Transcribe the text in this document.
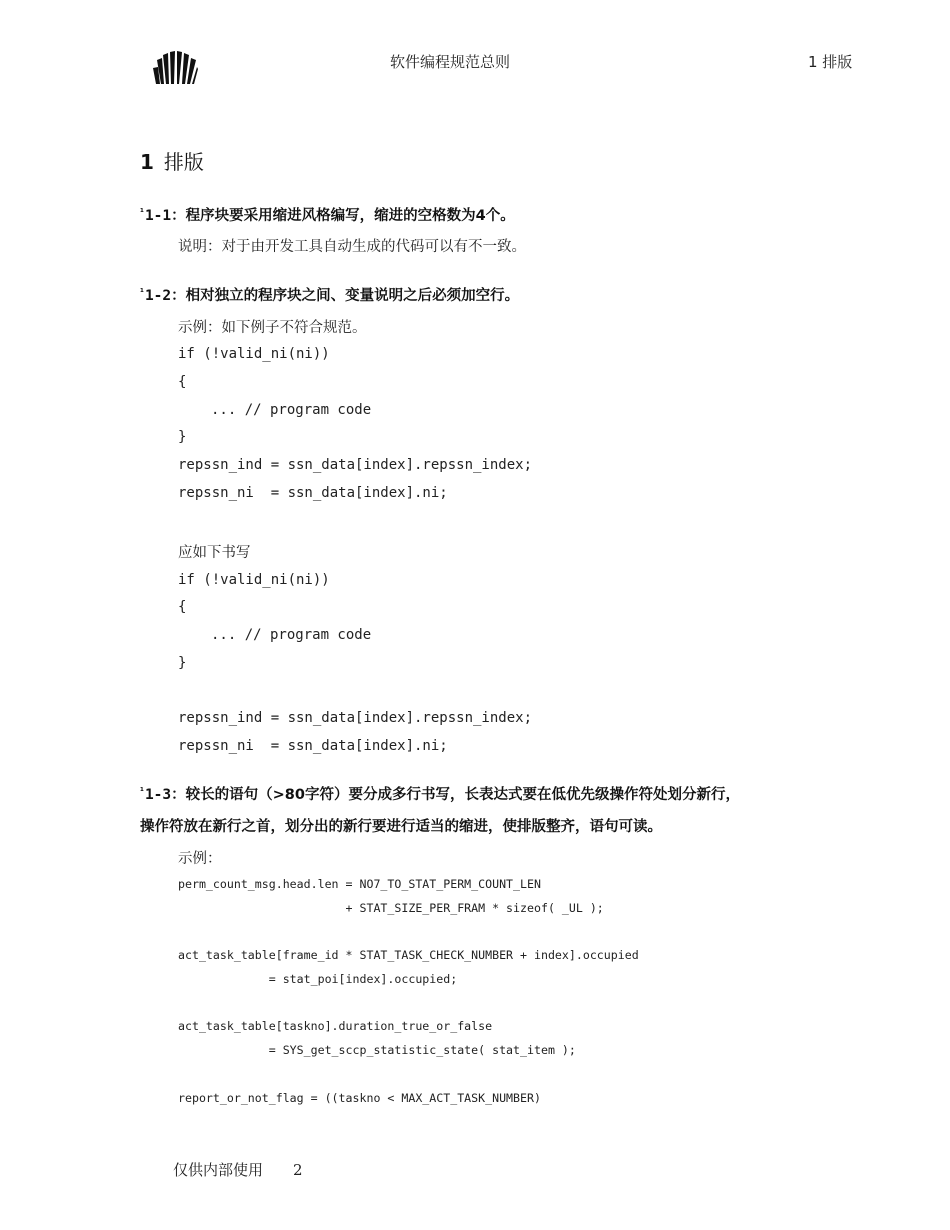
软件编程规范总则	1 排版
1 排版
$^{^1}$1-1：程序块要采用缩进风格编写，缩进的空格数为4个。
说明：对于由开发工具自动生成的代码可以有不一致。
$^{^1}$1-2：相对独立的程序块之间、变量说明之后必须加空行。
示例：如下例子不符合规范。
if (!valid_ni(ni))
{
... // program code
}
repssn_ind = ssn_data[index].repssn_index;
repssn_ni  = ssn_data[index].ni;
应如下书写
if (!valid_ni(ni))
{
... // program code
}
repssn_ind = ssn_data[index].repssn_index;
repssn_ni  = ssn_data[index].ni;
$^{^1}$1-3：较长的语句（>80字符）要分成多行书写，长表达式要在低优先级操作符处划分新行，
操作符放在新行之首，划分出的新行要进行适当的缩进，使排版整齐，语句可读。
示例：
perm_count_msg.head.len = NO7_TO_STAT_PERM_COUNT_LEN
+ STAT_SIZE_PER_FRAM * sizeof( _UL );
act_task_table[frame_id * STAT_TASK_CHECK_NUMBER + index].occupied
= stat_poi[index].occupied;
act_task_table[taskno].duration_true_or_false
= SYS_get_sccp_statistic_state( stat_item );
report_or_not_flag = ((taskno < MAX_ACT_TASK_NUMBER)
仅供内部使用 2
